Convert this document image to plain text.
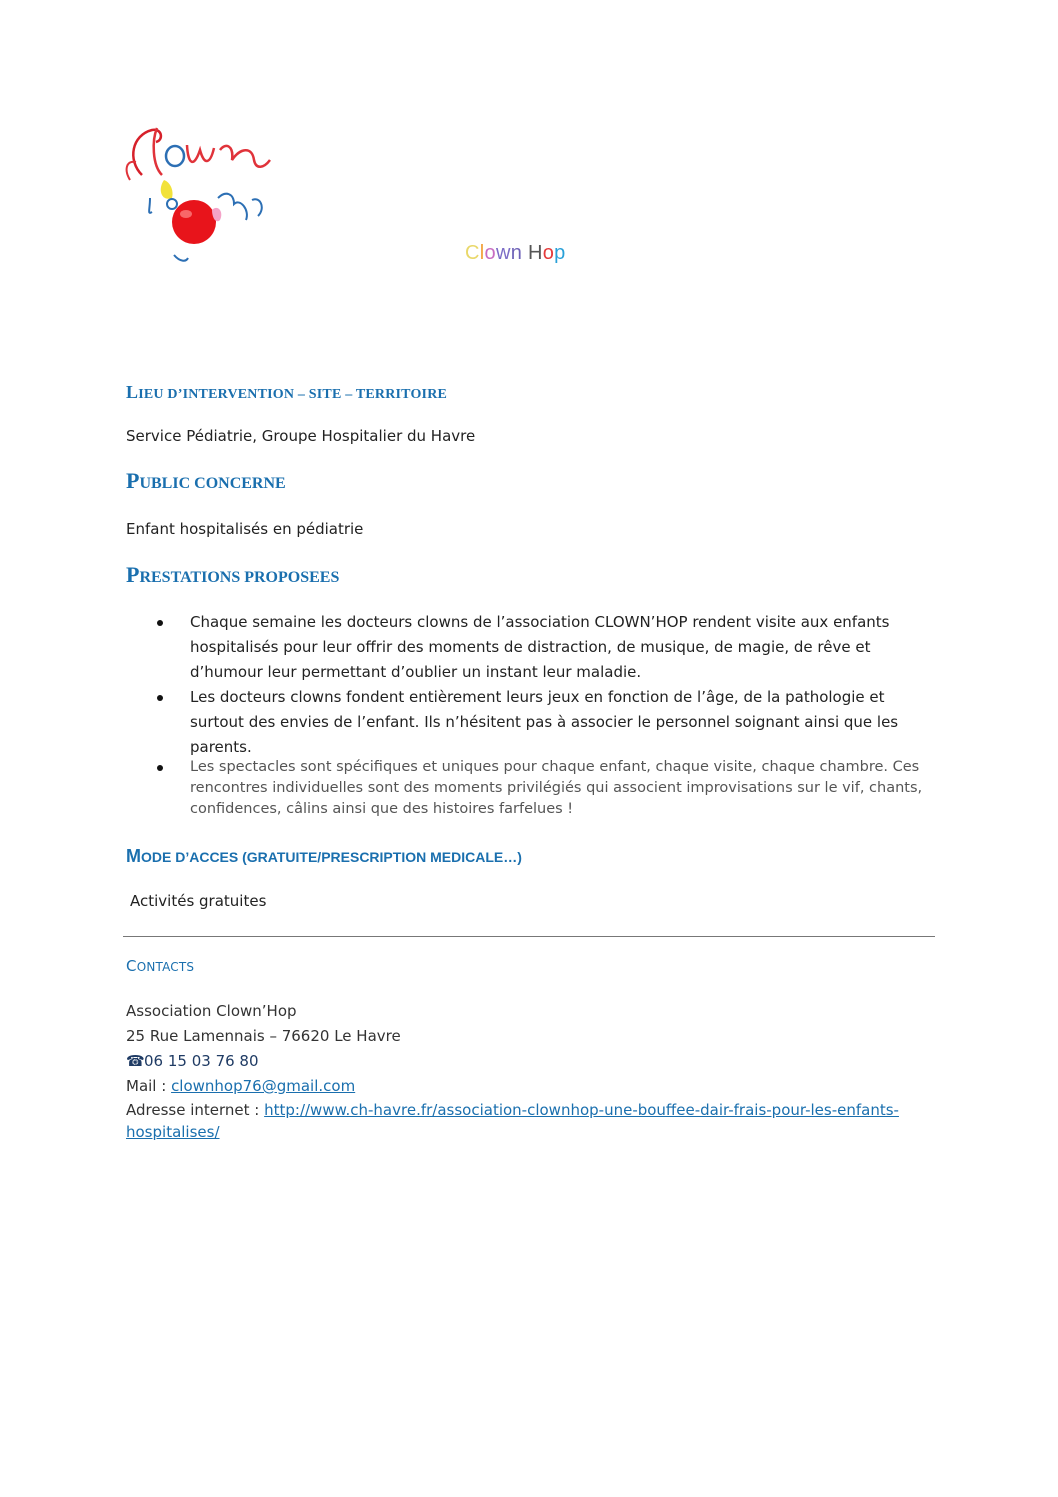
Clown Hop
LIEU D’INTERVENTION – SITE – TERRITOIRE
Service Pédiatrie, Groupe Hospitalier du Havre
PUBLIC CONCERNE
Enfant hospitalisés en pédiatrie
PRESTATIONS PROPOSEES
Chaque semaine les docteurs clowns de l’association CLOWN’HOP rendent visite aux enfants hospitalisés pour leur offrir des moments de distraction, de musique, de magie, de rêve et d’humour leur permettant d’oublier un instant leur maladie.
Les docteurs clowns fondent entièrement leurs jeux en fonction de l’âge, de la pathologie et surtout des envies de l’enfant. Ils n’hésitent pas à associer le personnel soignant ainsi que les parents.
Les spectacles sont spécifiques et uniques pour chaque enfant, chaque visite, chaque chambre. Ces rencontres individuelles sont des moments privilégiés qui associent improvisations sur le vif, chants, confidences, câlins ainsi que des histoires farfelues !
MODE D’ACCES (GRATUITE/PRESCRIPTION MEDICALE…)
Activités gratuites
CONTACTS
Association Clown’Hop
25 Rue Lamennais – 76620 Le Havre
☎06 15 03 76 80
Mail : clownhop76@gmail.com
Adresse internet : http://www.ch-havre.fr/association-clownhop-une-bouffee-dair-frais-pour-les-enfants-
hospitalises/
